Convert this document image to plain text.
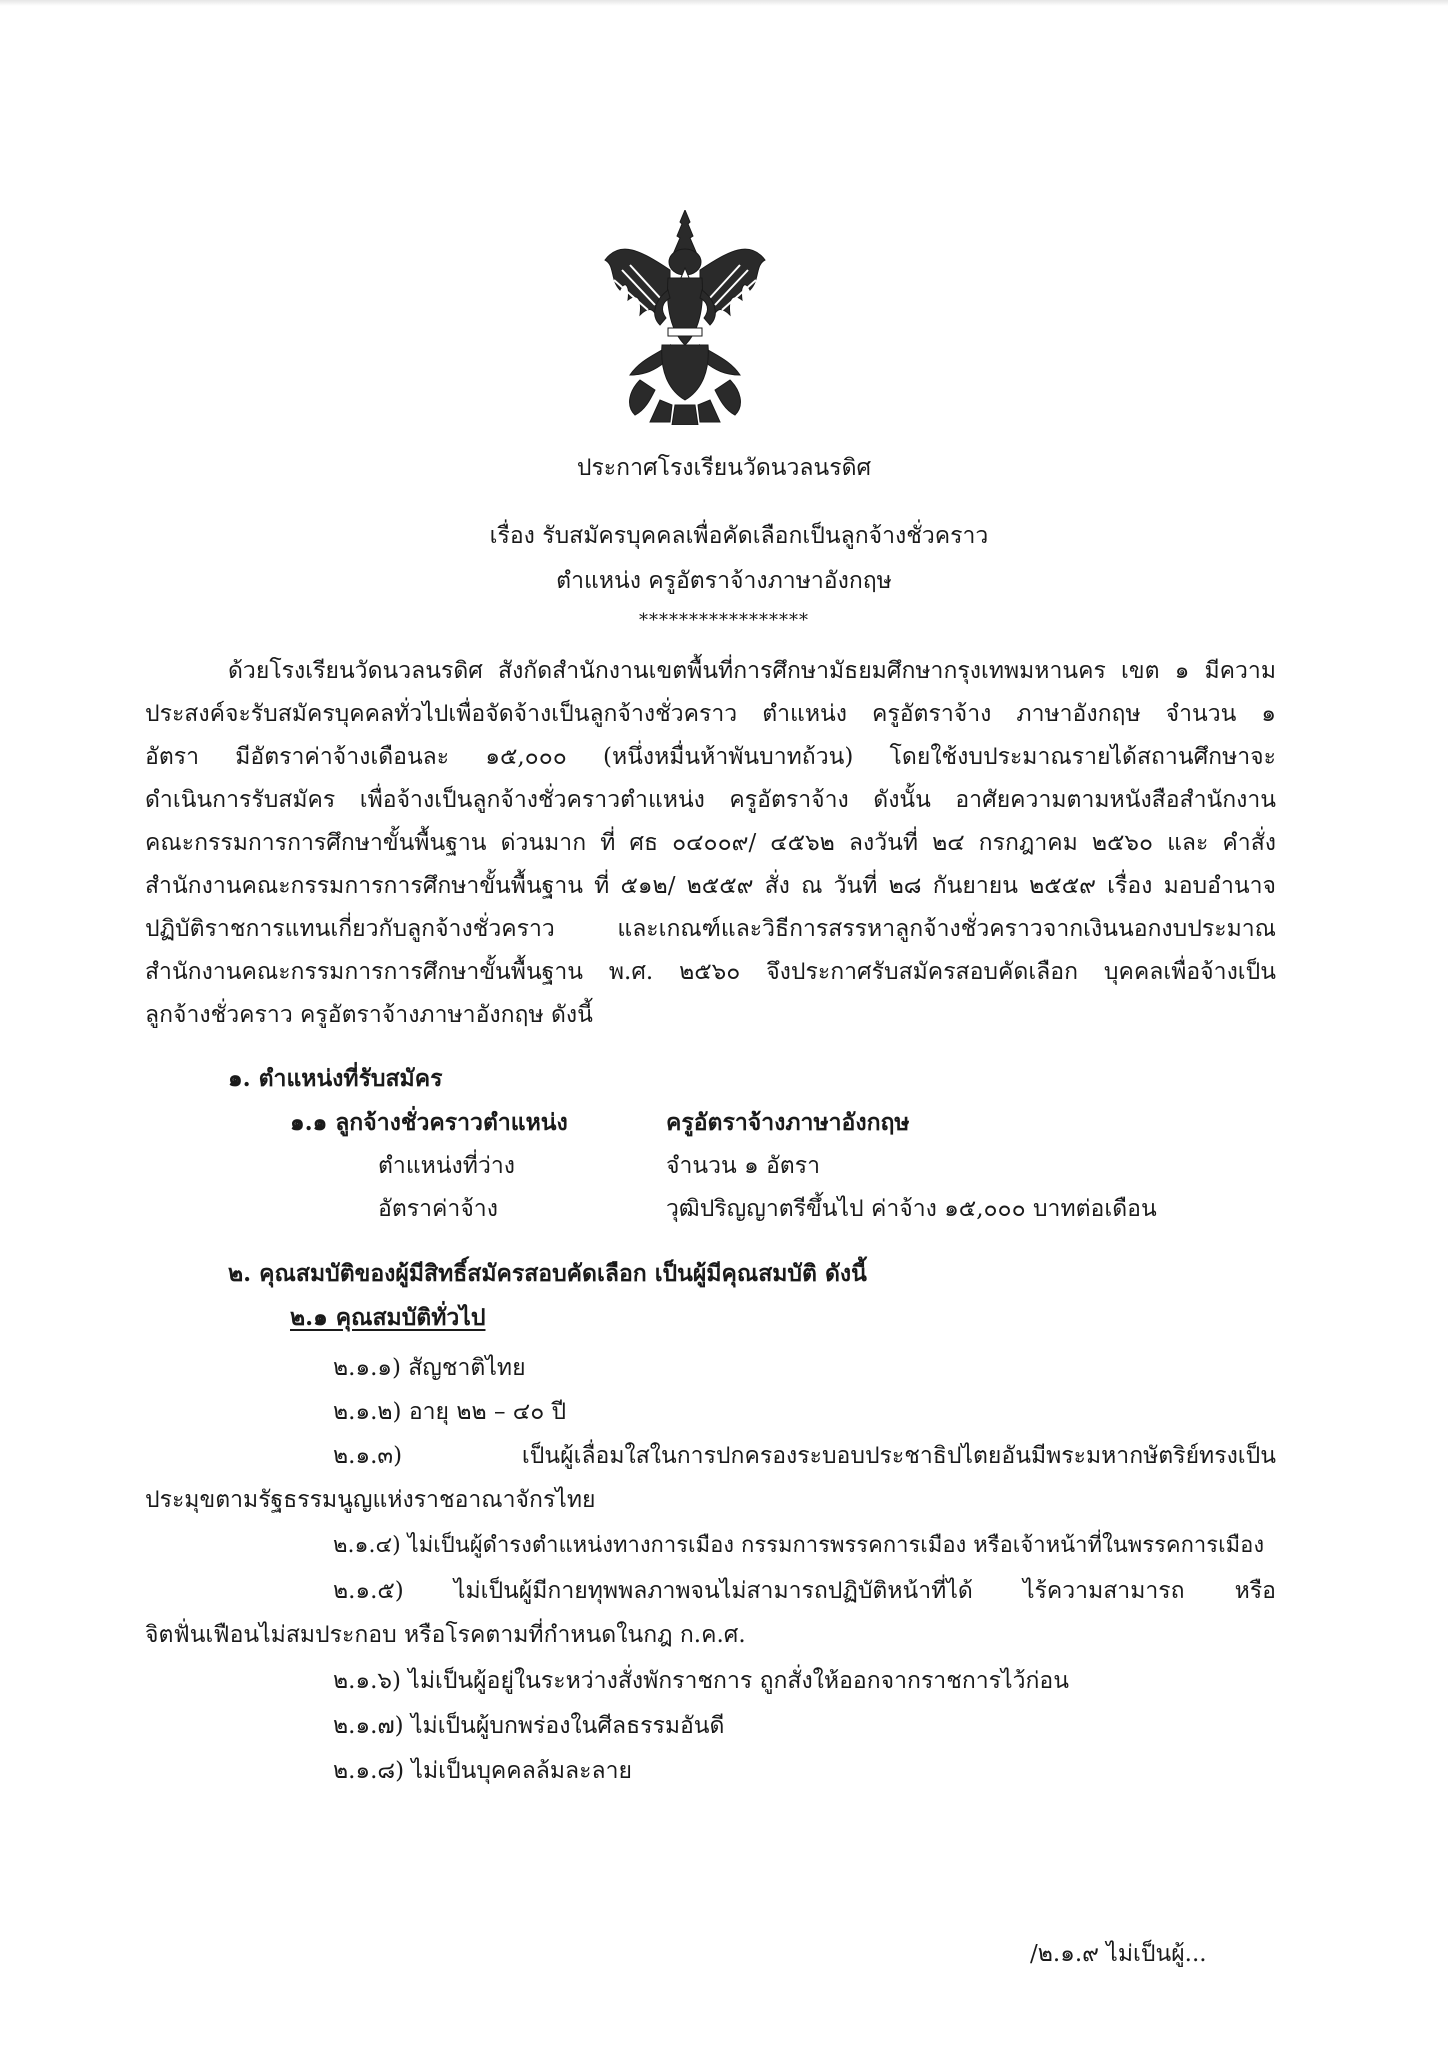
ประกาศโรงเรียนวัดนวลนรดิศ
เรื่อง รับสมัครบุคคลเพื่อคัดเลือกเป็นลูกจ้างชั่วคราว
ตำแหน่ง ครูอัตราจ้างภาษาอังกฤษ
*****************
ด้วยโรงเรียนวัดนวลนรดิศ สังกัดสำนักงานเขตพื้นที่การศึกษามัธยมศึกษากรุงเทพมหานคร เขต ๑ มีความ
ประสงค์จะรับสมัครบุคคลทั่วไปเพื่อจัดจ้างเป็นลูกจ้างชั่วคราว ตำแหน่ง ครูอัตราจ้าง ภาษาอังกฤษ จำนวน ๑
อัตรา มีอัตราค่าจ้างเดือนละ ๑๕,๐๐๐ (หนึ่งหมื่นห้าพันบาทถ้วน) โดยใช้งบประมาณรายได้สถานศึกษาจะ
ดำเนินการรับสมัคร เพื่อจ้างเป็นลูกจ้างชั่วคราวตำแหน่ง ครูอัตราจ้าง ดังนั้น อาศัยความตามหนังสือสำนักงาน
คณะกรรมการการศึกษาขั้นพื้นฐาน ด่วนมาก ที่ ศธ ๐๔๐๐๙/ ๔๕๖๒ ลงวันที่ ๒๔ กรกฎาคม ๒๕๖๐ และ คำสั่ง
สำนักงานคณะกรรมการการศึกษาขั้นพื้นฐาน ที่ ๕๑๒/ ๒๕๕๙ สั่ง ณ วันที่ ๒๘ กันยายน ๒๕๕๙ เรื่อง มอบอำนาจ
ปฏิบัติราชการแทนเกี่ยวกับลูกจ้างชั่วคราว และเกณฑ์และวิธีการสรรหาลูกจ้างชั่วคราวจากเงินนอกงบประมาณ
สำนักงานคณะกรรมการการศึกษาขั้นพื้นฐาน พ.ศ. ๒๕๖๐ จึงประกาศรับสมัครสอบคัดเลือก บุคคลเพื่อจ้างเป็น
ลูกจ้างชั่วคราว ครูอัตราจ้างภาษาอังกฤษ ดังนี้
๑. ตำแหน่งที่รับสมัคร
๑.๑ ลูกจ้างชั่วคราวตำแหน่ง	ครูอัตราจ้างภาษาอังกฤษ
ตำแหน่งที่ว่าง	จำนวน ๑ อัตรา
อัตราค่าจ้าง	วุฒิปริญญาตรีขึ้นไป ค่าจ้าง ๑๕,๐๐๐ บาทต่อเดือน
๒. คุณสมบัติของผู้มีสิทธิ์สมัครสอบคัดเลือก เป็นผู้มีคุณสมบัติ ดังนี้
๒.๑ คุณสมบัติทั่วไป
๒.๑.๑) สัญชาติไทย
๒.๑.๒) อายุ ๒๒ – ๔๐ ปี
๒.๑.๓) เป็นผู้เลื่อมใสในการปกครองระบอบประชาธิปไตยอันมีพระมหากษัตริย์ทรงเป็น
ประมุขตามรัฐธรรมนูญแห่งราชอาณาจักรไทย
๒.๑.๔) ไม่เป็นผู้ดำรงตำแหน่งทางการเมือง กรรมการพรรคการเมือง หรือเจ้าหน้าที่ในพรรคการเมือง
๒.๑.๕) ไม่เป็นผู้มีกายทุพพลภาพจนไม่สามารถปฏิบัติหน้าที่ได้ ไร้ความสามารถ หรือ
จิตฟั่นเฟือนไม่สมประกอบ หรือโรคตามที่กำหนดในกฎ ก.ค.ศ.
๒.๑.๖) ไม่เป็นผู้อยู่ในระหว่างสั่งพักราชการ ถูกสั่งให้ออกจากราชการไว้ก่อน
๒.๑.๗) ไม่เป็นผู้บกพร่องในศีลธรรมอันดี
๒.๑.๘) ไม่เป็นบุคคลล้มละลาย
/๒.๑.๙ ไม่เป็นผู้...
